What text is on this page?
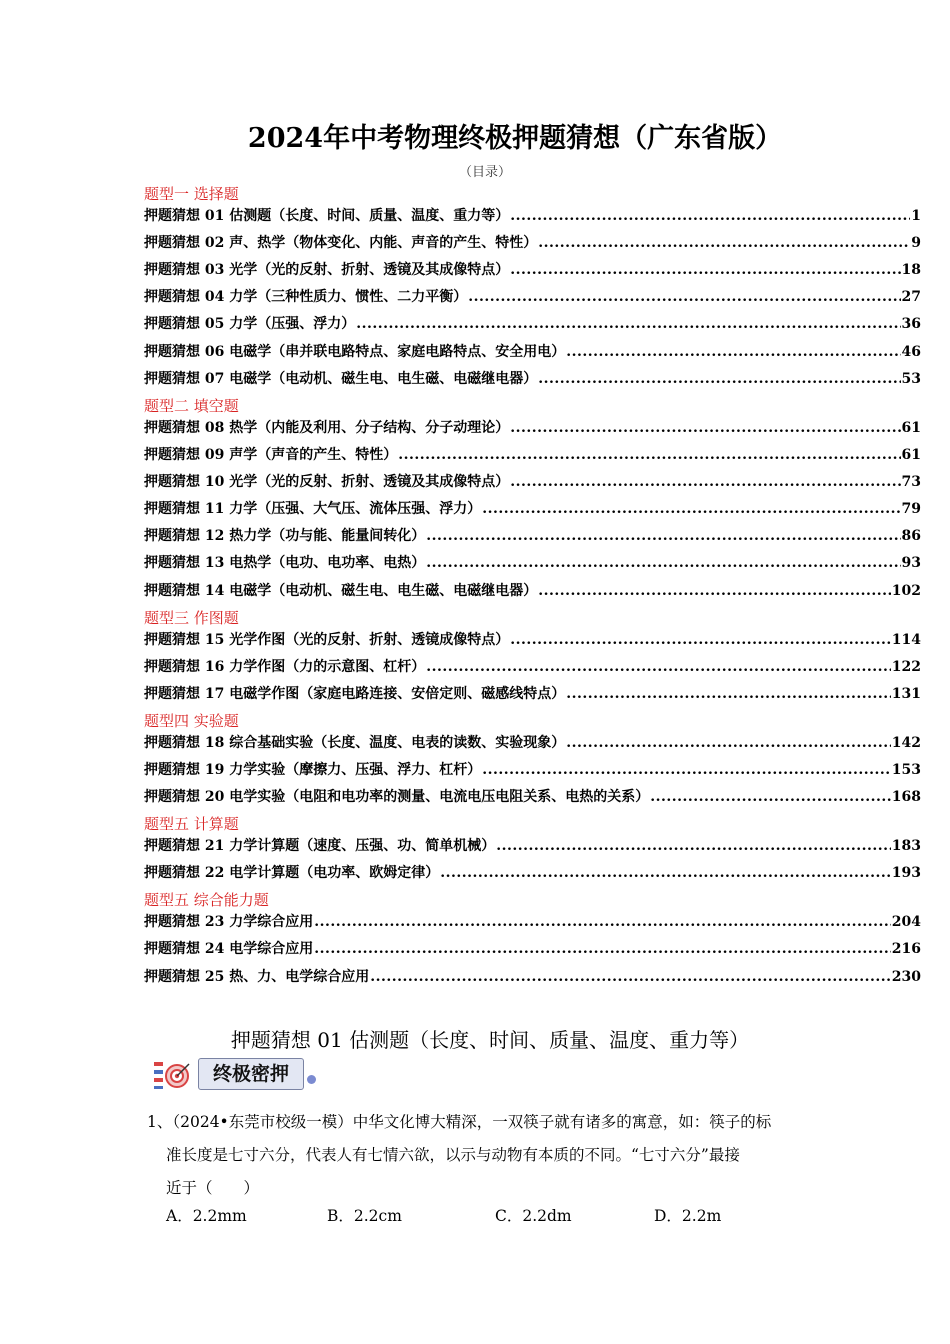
2024年中考物理终极押题猜想（广东省版）
（目录）
题型一 选择题
押题猜想 01 估测题（长度、时间、质量、温度、重力等） .....	1
押题猜想 02 声、热学（物体变化、内能、声音的产生、特性） .....	9
押题猜想 03 光学（光的反射、折射、透镜及其成像特点） .....	18
押题猜想 04 力学（三种性质力、惯性、二力平衡） .....	27
押题猜想 05 力学（压强、浮力） .....	36
押题猜想 06 电磁学（串并联电路特点、家庭电路特点、安全用电） .....	46
押题猜想 07 电磁学（电动机、磁生电、电生磁、电磁继电器） .....	53
题型二 填空题
押题猜想 08 热学（内能及利用、分子结构、分子动理论） .....	61
押题猜想 09 声学（声音的产生、特性） .....	61
押题猜想 10 光学（光的反射、折射、透镜及其成像特点） .....	73
押题猜想 11 力学（压强、大气压、流体压强、浮力） .....	79
押题猜想 12 热力学（功与能、能量间转化） .....	86
押题猜想 13 电热学（电功、电功率、电热） .....	93
押题猜想 14 电磁学（电动机、磁生电、电生磁、电磁继电器） .....	102
题型三 作图题
押题猜想 15 光学作图（光的反射、折射、透镜成像特点） .....	114
押题猜想 16 力学作图（力的示意图、杠杆） .....	122
押题猜想 17 电磁学作图（家庭电路连接、安倍定则、磁感线特点） .....	131
题型四 实验题
押题猜想 18 综合基础实验（长度、温度、电表的读数、实验现象） .....	142
押题猜想 19 力学实验（摩擦力、压强、浮力、杠杆） .....	153
押题猜想 20 电学实验（电阻和电功率的测量、电流电压电阻关系、电热的关系） .....	168
题型五 计算题
押题猜想 21 力学计算题（速度、压强、功、简单机械） .....	183
押题猜想 22 电学计算题（电功率、欧姆定律） .....	193
题型五 综合能力题
押题猜想 23 力学综合应用 .....	204
押题猜想 24 电学综合应用 .....	216
押题猜想 25 热、力、电学综合应用 .....	230
押题猜想 01 估测题（长度、时间、质量、温度、重力等）
终极密押
1、（2024•东莞市校级一模）中华文化博大精深，一双筷子就有诸多的寓意，如：筷子的标
准长度是七寸六分，代表人有七情六欲，以示与动物有本质的不同。“七寸六分”最接
近于（　　）
A．2.2mm	B．2.2cm	C．2.2dm	D．2.2m
